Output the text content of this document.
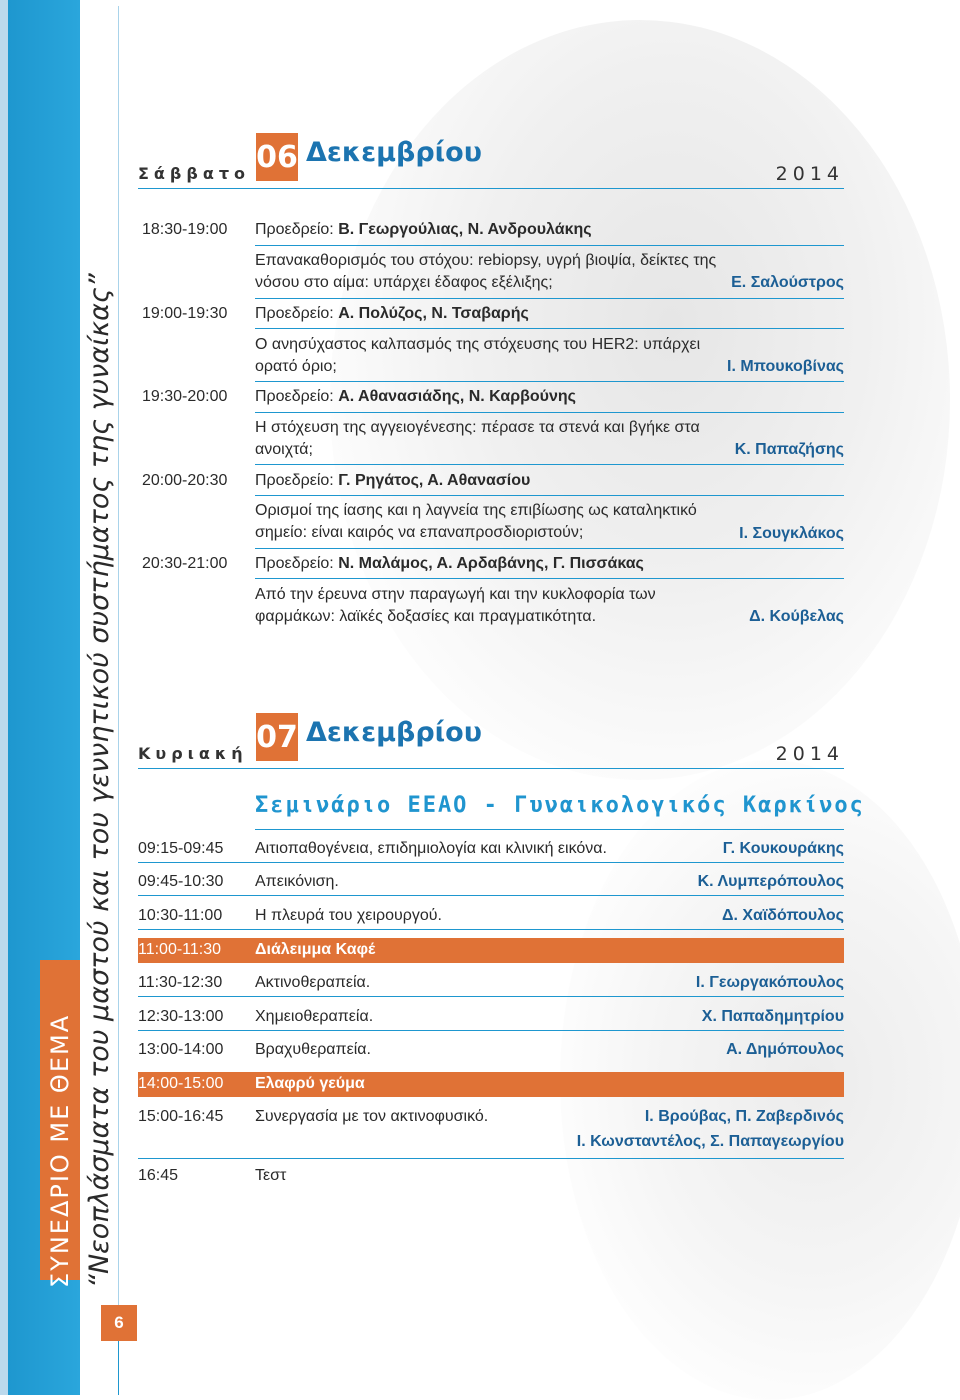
ΣΥΝΕΔΡΙΟ ΜΕ ΘΕΜΑ “Νεοπλάσματα του μαστού και του γεννητικού συστήματος της γυναίκας”
6
Σάββατο 06 Δεκεμβρίου
2014
18:30-19:00 Προεδρείο: Β. Γεωργούλιας, Ν. Ανδρουλάκης
Επανακαθορισμός του στόχου: rebiopsy, υγρή βιοψία, δείκτες της νόσου στο αίμα: υπάρχει έδαφος εξέλιξης;	Ε. Σαλούστρος
19:00-19:30 Προεδρείο: Α. Πολύζος, Ν. Τσαβαρής
Ο ανησύχαστος καλπασμός της στόχευσης του HER2: υπάρχει ορατό όριο;	Ι. Μπουκοβίνας
19:30-20:00 Προεδρείο: Α. Αθανασιάδης, Ν. Καρβούνης
Η στόχευση της αγγειογένεσης: πέρασε τα στενά και βγήκε στα ανοιχτά;	Κ. Παπαζήσης
20:00-20:30 Προεδρείο: Γ. Ρηγάτος, Α. Αθανασίου
Ορισμοί της ίασης και η λαγνεία της επιβίωσης ως καταληκτικό σημείο: είναι καιρός να επαναπροσδιοριστούν;	Ι. Σουγκλάκος
20:30-21:00 Προεδρείο: Ν. Μαλάμος, Α. Αρδαβάνης, Γ. Πισσάκας
Από την έρευνα στην παραγωγή και την κυκλοφορία των φαρμάκων: λαϊκές δοξασίες και πραγματικότητα.	Δ. Κούβελας
Κυριακή 07 Δεκεμβρίου
2014
Σεμινάριο ΕΕΑΟ - Γυναικολογικός Καρκίνος
09:15-09:45 Αιτιοπαθογένεια, επιδημιολογία και κλινική εικόνα.	Γ. Κουκουράκης
09:45-10:30 Απεικόνιση.	Κ. Λυμπερόπουλος
10:30-11:00 Η πλευρά του χειρουργού.	Δ. Χαϊδόπουλος
11:00-11:30 Διάλειμμα Καφέ
11:30-12:30 Ακτινοθεραπεία.	Ι. Γεωργακόπουλος
12:30-13:00 Χημειοθεραπεία.	Χ. Παπαδημητρίου
13:00-14:00 Βραχυθεραπεία.	Α. Δημόπουλος
14:00-15:00 Ελαφρύ γεύμα
15:00-16:45 Συνεργασία με τον ακτινοφυσικό.	Ι. Βρούβας, Π. Ζαβερδινός
Ι. Κωνσταντέλος, Σ. Παπαγεωργίου
16:45	Τεστ
